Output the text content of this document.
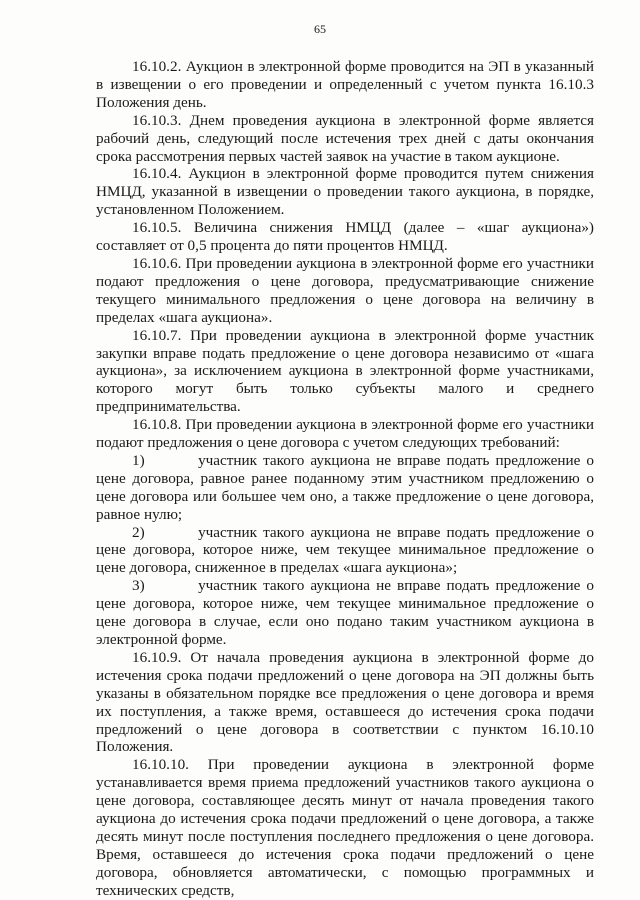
65

16.10.2. Аукцион в электронной форме проводится на ЭП в указанный в извещении о его проведении и определенный с учетом пункта 16.10.3 Положения день.

16.10.3. Днем проведения аукциона в электронной форме является рабочий день, следующий после истечения трех дней с даты окончания срока рассмотрения первых частей заявок на участие в таком аукционе.

16.10.4. Аукцион в электронной форме проводится путем снижения НМЦД, указанной в извещении о проведении такого аукциона, в порядке, установленном Положением.

16.10.5. Величина снижения НМЦД (далее – «шаг аукциона») составляет от 0,5 процента до пяти процентов НМЦД.

16.10.6. При проведении аукциона в электронной форме его участники подают предложения о цене договора, предусматривающие снижение текущего минимального предложения о цене договора на величину в пределах «шага аукциона».

16.10.7. При проведении аукциона в электронной форме участник закупки вправе подать предложение о цене договора независимо от «шага аукциона», за исключением аукциона в электронной форме участниками, которого могут быть только субъекты малого и среднего предпринимательства.

16.10.8. При проведении аукциона в электронной форме его участники подают предложения о цене договора с учетом следующих требований:

1)	участник такого аукциона не вправе подать предложение о цене договора, равное ранее поданному этим участником предложению о цене договора или большее чем оно, а также предложение о цене договора, равное нулю;

2)	участник такого аукциона не вправе подать предложение о цене договора, которое ниже, чем текущее минимальное предложение о цене договора, сниженное в пределах «шага аукциона»;

3)	участник такого аукциона не вправе подать предложение о цене договора, которое ниже, чем текущее минимальное предложение о цене договора в случае, если оно подано таким участником аукциона в электронной форме.

16.10.9. От начала проведения аукциона в электронной форме до истечения срока подачи предложений о цене договора на ЭП должны быть указаны в обязательном порядке все предложения о цене договора и время их поступления, а также время, оставшееся до истечения срока подачи предложений о цене договора в соответствии с пунктом 16.10.10 Положения.

16.10.10. При проведении аукциона в электронной форме устанавливается время приема предложений участников такого аукциона о цене договора, составляющее десять минут от начала проведения такого аукциона до истечения срока подачи предложений о цене договора, а также десять минут после поступления последнего предложения о цене договора. Время, оставшееся до истечения срока подачи предложений о цене договора, обновляется автоматически, с помощью программных и технических средств,
